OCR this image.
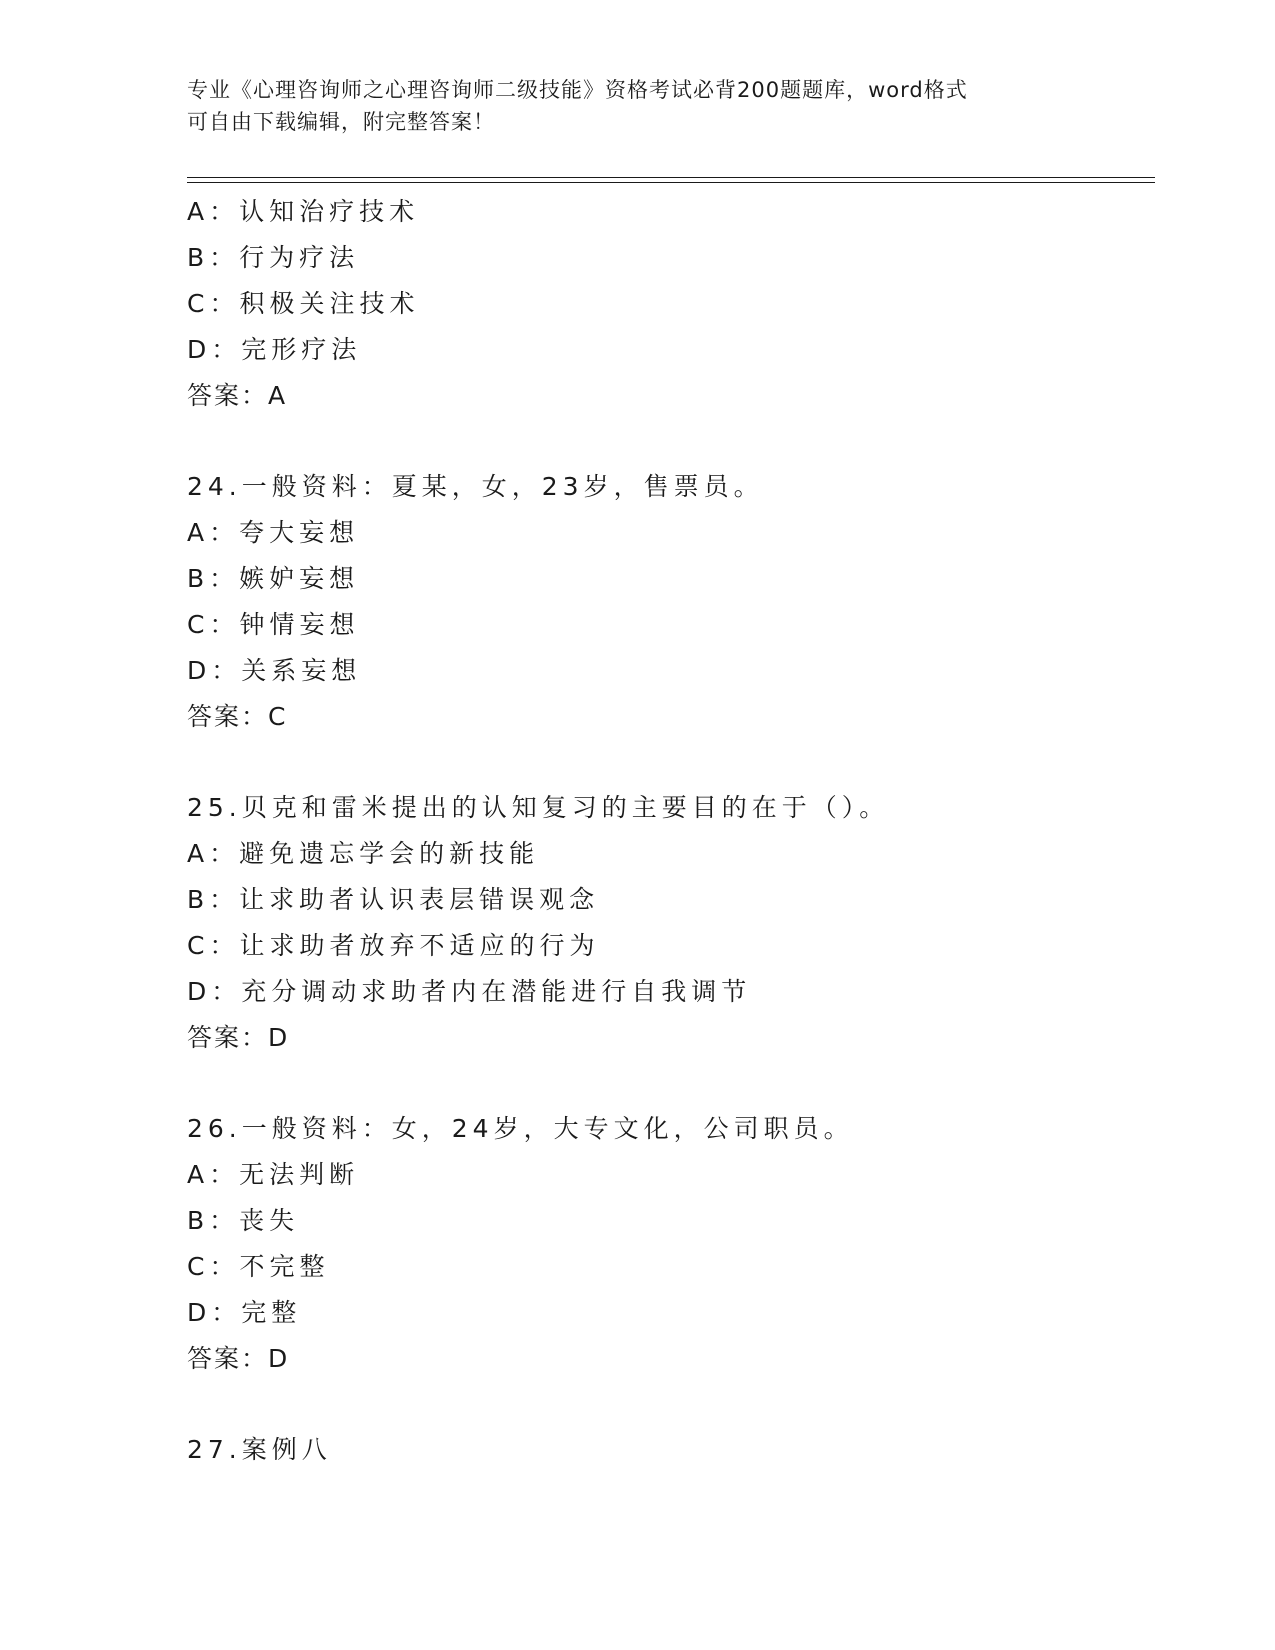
专业《心理咨询师之心理咨询师二级技能》资格考试必背200题题库，word格式
可自由下载编辑，附完整答案！
A：认知治疗技术
B：行为疗法
C：积极关注技术
D：完形疗法
答案：A
24.一般资料：夏某，女，23岁，售票员。
A：夸大妄想
B：嫉妒妄想
C：钟情妄想
D：关系妄想
答案：C
25.贝克和雷米提出的认知复习的主要目的在于（）。
A：避免遗忘学会的新技能
B：让求助者认识表层错误观念
C：让求助者放弃不适应的行为
D：充分调动求助者内在潜能进行自我调节
答案：D
26.一般资料：女，24岁，大专文化，公司职员。
A：无法判断
B：丧失
C：不完整
D：完整
答案：D
27.案例八
